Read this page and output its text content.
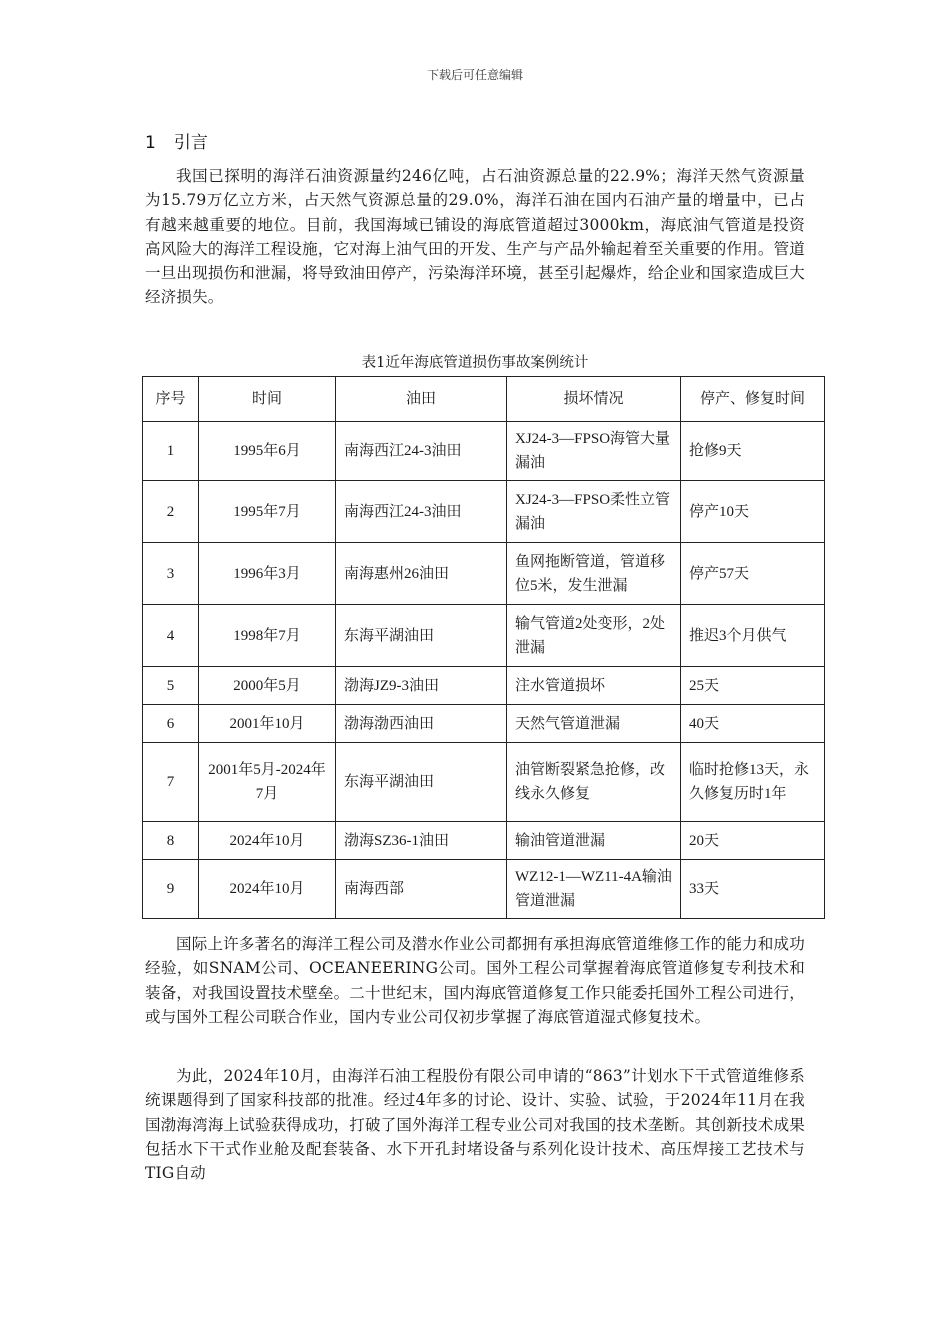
下载后可任意编辑
1 引言

我国已探明的海洋石油资源量约246亿吨，占石油资源总量的22.9%；海洋天然气资源量为15.79万亿立方米，占天然气资源总量的29.0%，海洋石油在国内石油产量的增量中，已占有越来越重要的地位。目前，我国海域已铺设的海底管道超过3000km，海底油气管道是投资高风险大的海洋工程设施，它对海上油气田的开发、生产与产品外输起着至关重要的作用。管道一旦出现损伤和泄漏，将导致油田停产，污染海洋环境，甚至引起爆炸，给企业和国家造成巨大经济损失。

表1近年海底管道损伤事故案例统计
序号	时间	油田	损坏情况	停产、修复时间
1	1995年6月	南海西江24-3油田	XJ24-3—FPSO海管大量漏油	抢修9天
2	1995年7月	南海西江24-3油田	XJ24-3—FPSO柔性立管漏油	停产10天
3	1996年3月	南海惠州26油田	鱼网拖断管道，管道移位5米，发生泄漏	停产57天
4	1998年7月	东海平湖油田	输气管道2处变形，2处泄漏	推迟3个月供气
5	2000年5月	渤海JZ9-3油田	注水管道损坏	25天
6	2001年10月	渤海渤西油田	天然气管道泄漏	40天
7	2001年5月-2024年7月	东海平湖油田	油管断裂紧急抢修，改线永久修复	临时抢修13天，永久修复历时1年
8	2024年10月	渤海SZ36-1油田	输油管道泄漏	20天
9	2024年10月	南海西部	WZ12-1—WZ11-4A输油管道泄漏	33天

国际上许多著名的海洋工程公司及潜水作业公司都拥有承担海底管道维修工作的能力和成功经验，如SNAM公司、OCEANEERING公司。国外工程公司掌握着海底管道修复专利技术和装备，对我国设置技术壁垒。二十世纪末，国内海底管道修复工作只能委托国外工程公司进行，或与国外工程公司联合作业，国内专业公司仅初步掌握了海底管道湿式修复技术。

为此，2024年10月，由海洋石油工程股份有限公司申请的“863”计划水下干式管道维修系统课题得到了国家科技部的批准。经过4年多的讨论、设计、实验、试验，于2024年11月在我国渤海湾海上试验获得成功，打破了国外海洋工程专业公司对我国的技术垄断。其创新技术成果包括水下干式作业舱及配套装备、水下开孔封堵设备与系列化设计技术、高压焊接工艺技术与TIG自动
